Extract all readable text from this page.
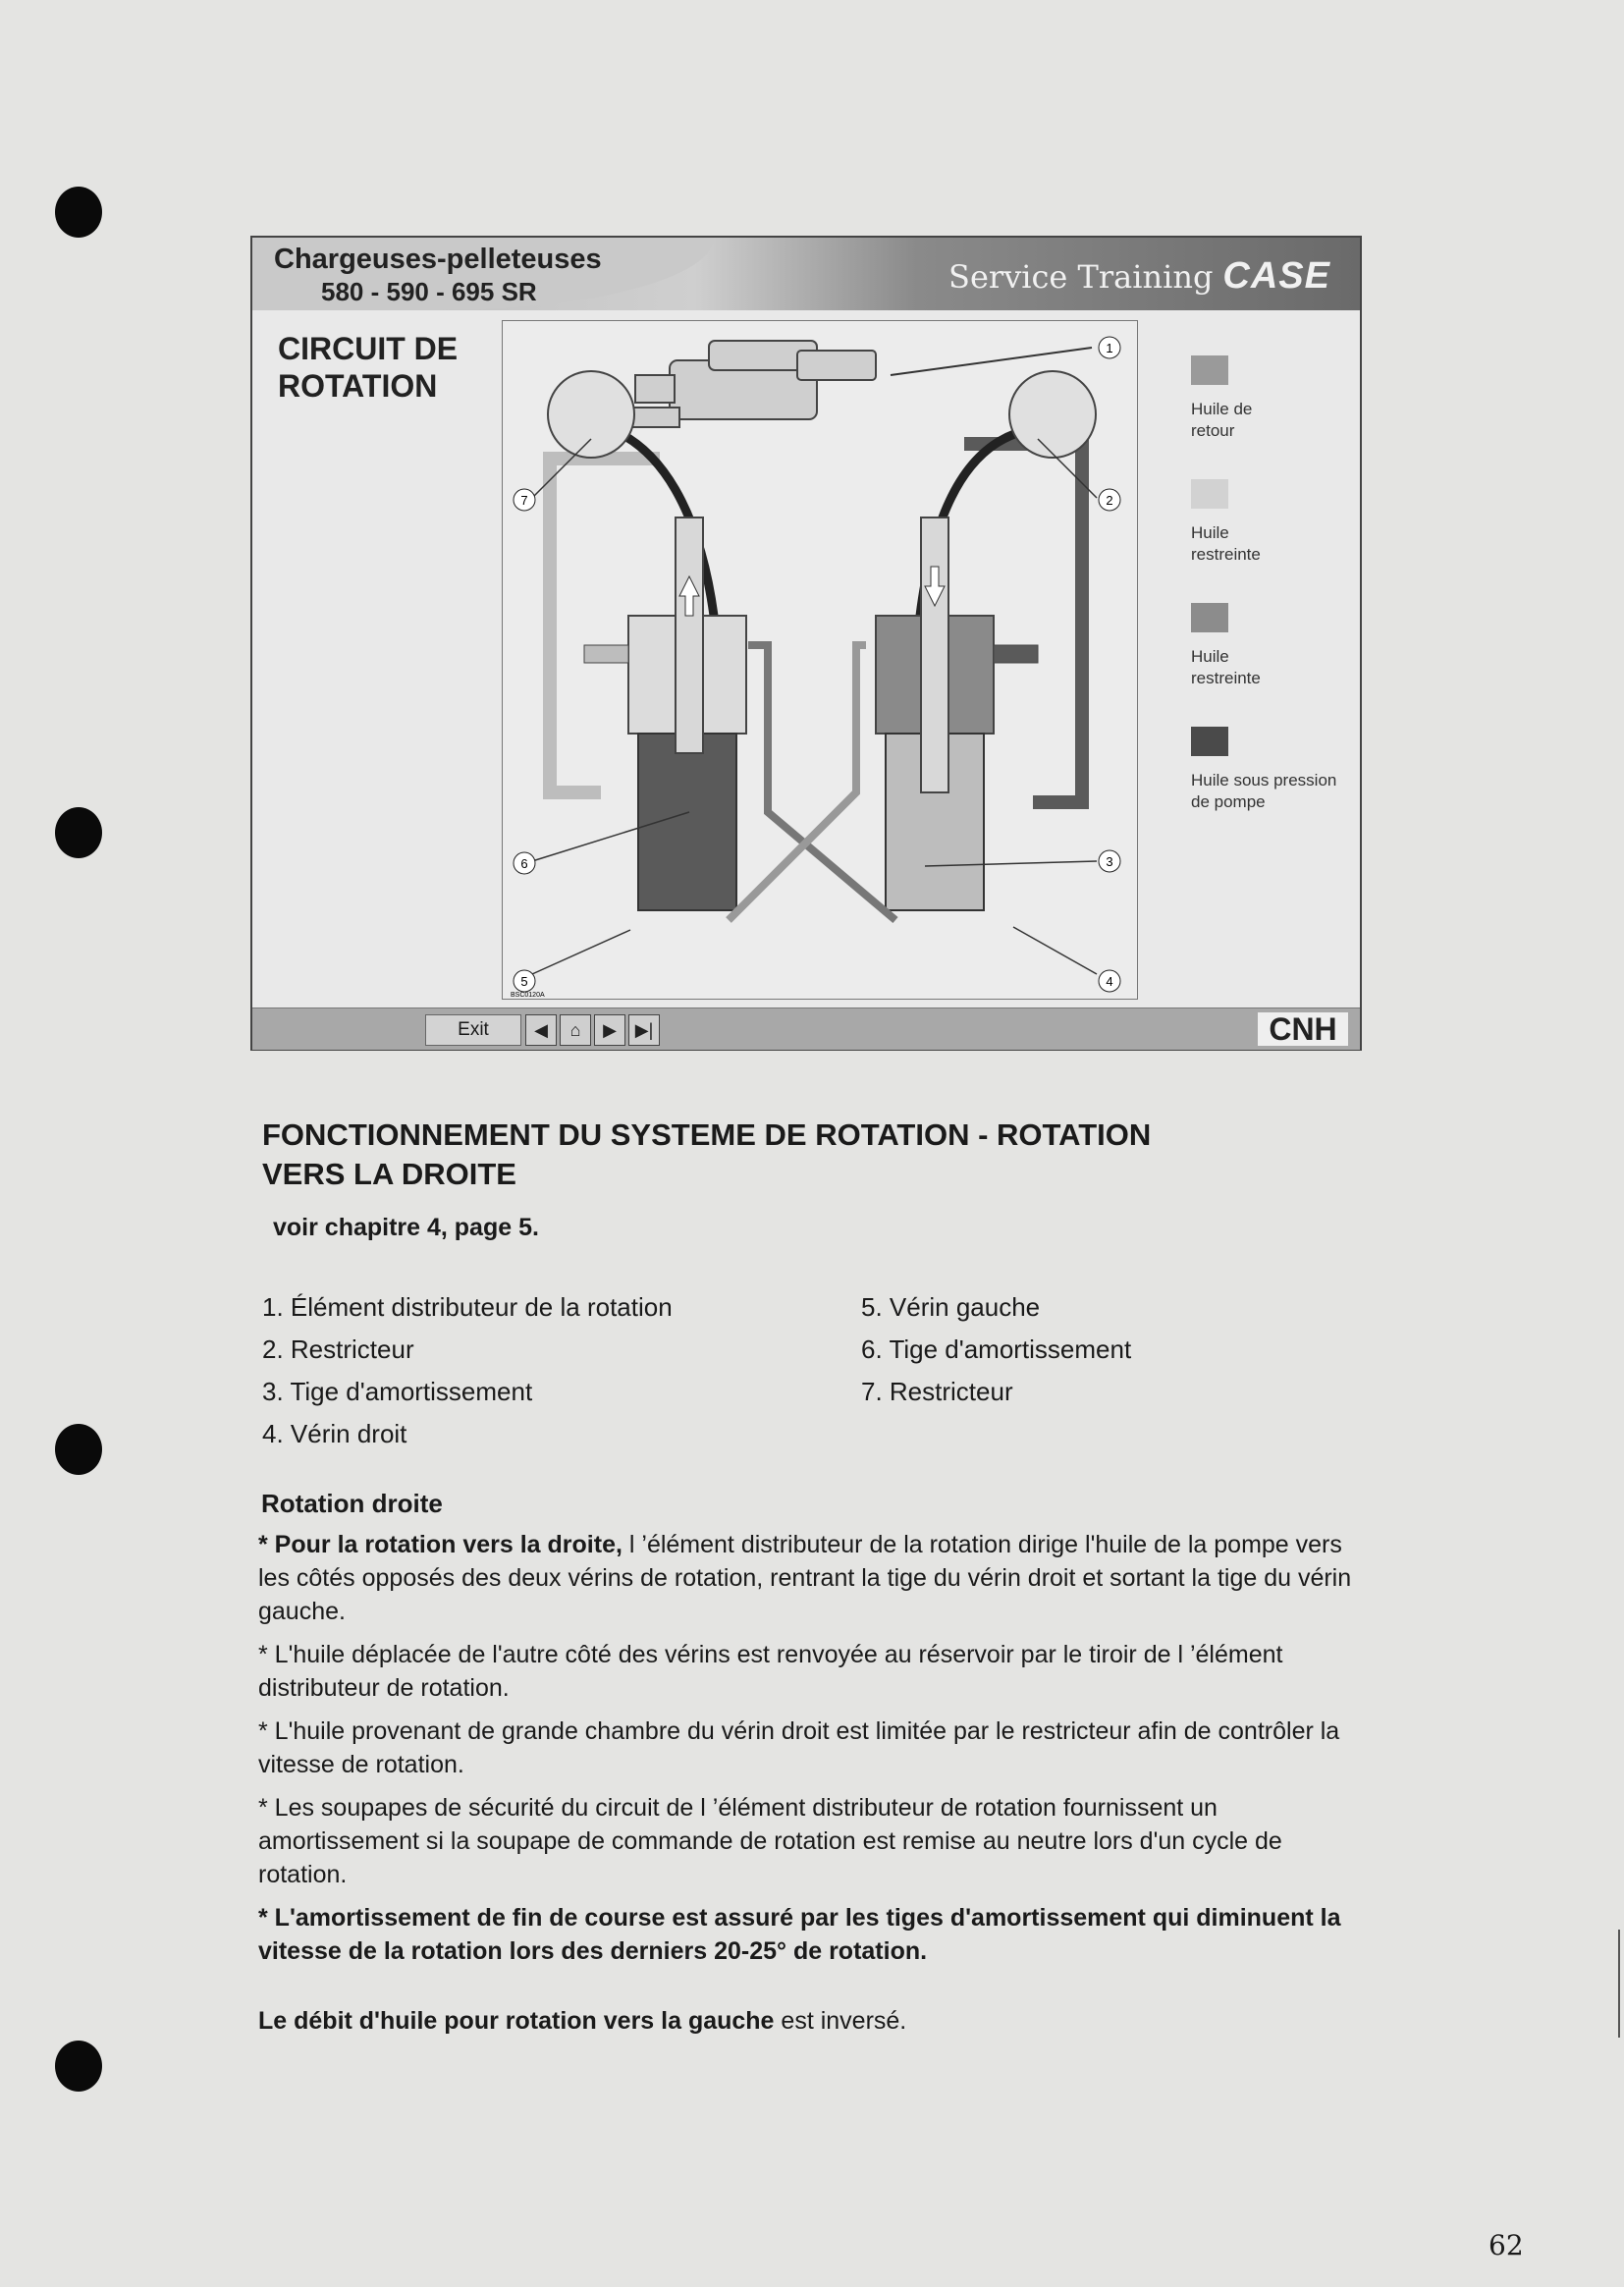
Chargeuses-pelleteuses
580 - 590 - 695 SR	Service Training CASE
CIRCUIT DE
ROTATION
1
2
3
4
5
6
7
BSC0120A
Huile de retour
Huile restreinte
Huile restreinte
Huile sous pression de pompe
Exit	◀ ⌂ ▶ ▶|	CNH
FONCTIONNEMENT DU SYSTEME DE ROTATION - ROTATION
VERS LA DROITE
voir chapitre 4, page 5.
1. Élément distributeur de la rotation
2. Restricteur
3. Tige d'amortissement
4. Vérin droit
5. Vérin gauche
6. Tige d'amortissement
7. Restricteur
Rotation droite

* Pour la rotation vers la droite, l ’élément distributeur de la rotation dirige l'huile de la pompe vers les côtés opposés des deux vérins de rotation, rentrant la tige du vérin droit et sortant la tige du vérin gauche.

* L'huile déplacée de l'autre côté des vérins est renvoyée au réservoir par le tiroir de l ’élément distributeur de rotation.

* L'huile provenant de grande chambre du vérin droit est limitée par le restricteur afin de contrôler la vitesse de rotation.

* Les soupapes de sécurité du circuit de l ’élément distributeur de rotation fournissent un amortissement si la soupape de commande de rotation est remise au neutre lors d'un cycle de rotation.

* L'amortissement de fin de course est assuré par les tiges d'amortissement qui diminuent la vitesse de la rotation lors des derniers 20-25° de rotation.

Le débit d'huile pour rotation vers la gauche est inversé.
62
